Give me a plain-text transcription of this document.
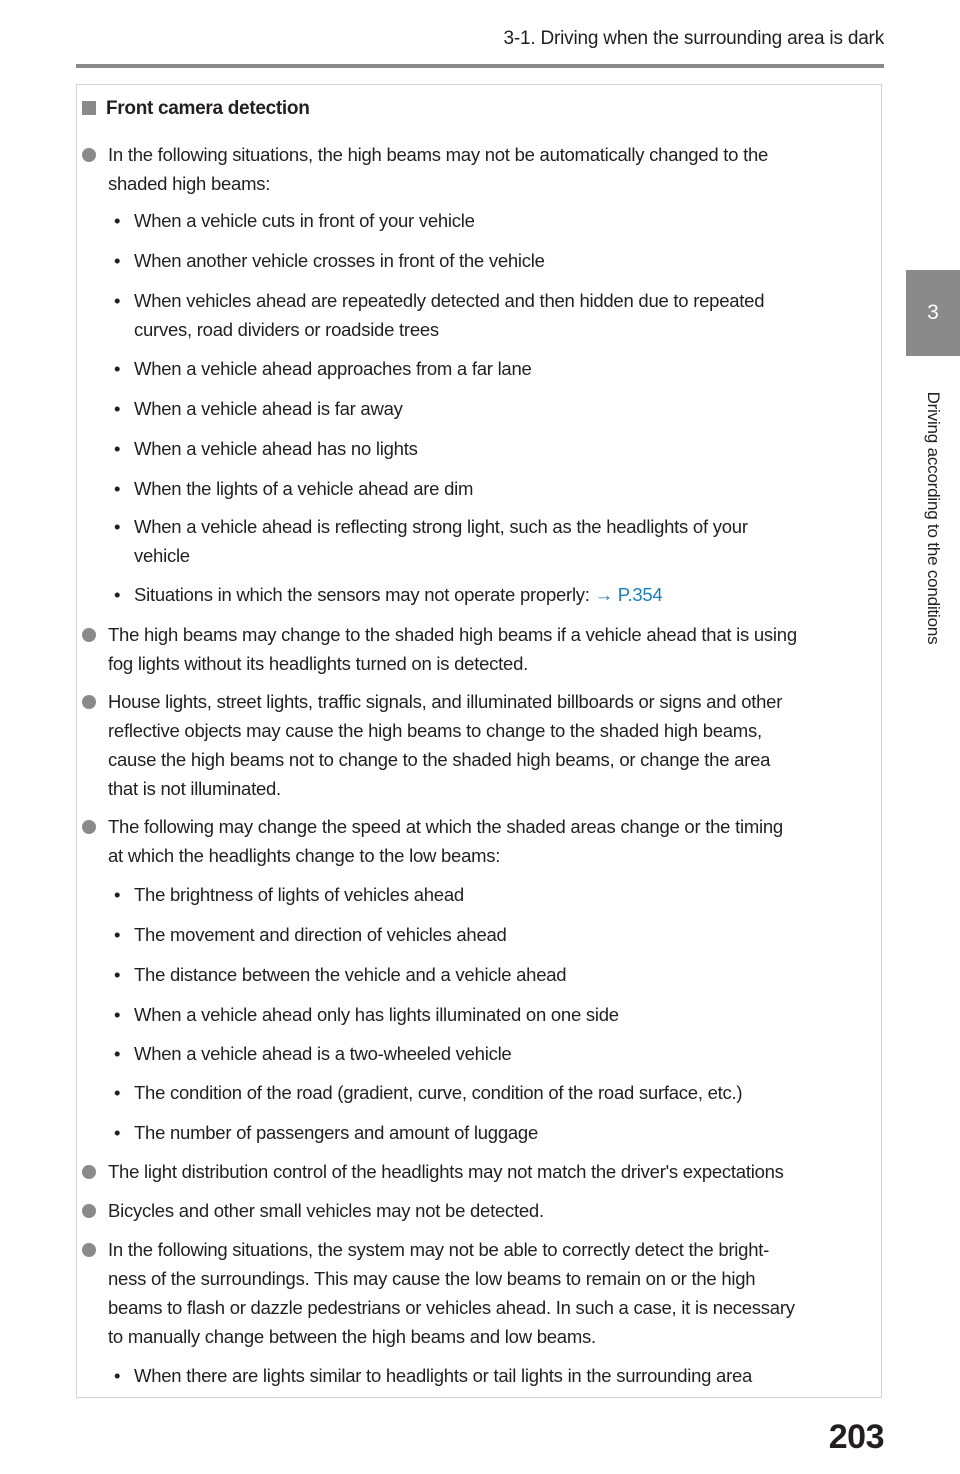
3-1. Driving when the surrounding area is dark
3
Driving according to the conditions
Front camera detection
In the following situations, the high beams may not be automatically changed to the
shaded high beams:
• When a vehicle cuts in front of your vehicle
• When another vehicle crosses in front of the vehicle
• When vehicles ahead are repeatedly detected and then hidden due to repeated
curves, road dividers or roadside trees
• When a vehicle ahead approaches from a far lane
• When a vehicle ahead is far away
• When a vehicle ahead has no lights
• When the lights of a vehicle ahead are dim
• When a vehicle ahead is reflecting strong light, such as the headlights of your
vehicle
• Situations in which the sensors may not operate properly: → P.354
The high beams may change to the shaded high beams if a vehicle ahead that is using
fog lights without its headlights turned on is detected.
House lights, street lights, traffic signals, and illuminated billboards or signs and other
reflective objects may cause the high beams to change to the shaded high beams,
cause the high beams not to change to the shaded high beams, or change the area
that is not illuminated.
The following may change the speed at which the shaded areas change or the timing
at which the headlights change to the low beams:
• The brightness of lights of vehicles ahead
• The movement and direction of vehicles ahead
• The distance between the vehicle and a vehicle ahead
• When a vehicle ahead only has lights illuminated on one side
• When a vehicle ahead is a two-wheeled vehicle
• The condition of the road (gradient, curve, condition of the road surface, etc.)
• The number of passengers and amount of luggage
The light distribution control of the headlights may not match the driver's expectations
Bicycles and other small vehicles may not be detected.
In the following situations, the system may not be able to correctly detect the bright-
ness of the surroundings. This may cause the low beams to remain on or the high
beams to flash or dazzle pedestrians or vehicles ahead. In such a case, it is necessary
to manually change between the high beams and low beams.
• When there are lights similar to headlights or tail lights in the surrounding area
203
